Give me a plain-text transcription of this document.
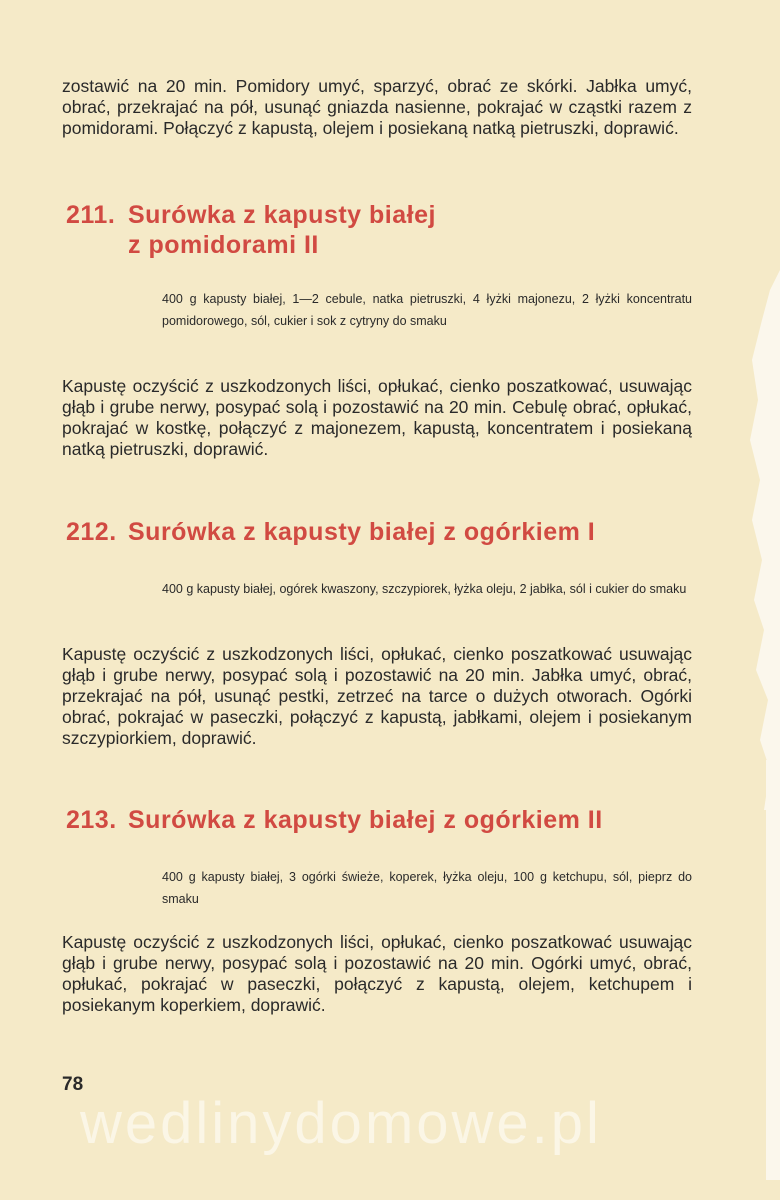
zostawić na 20 min. Pomidory umyć, sparzyć, obrać ze skórki. Jabłka umyć, obrać, przekrajać na pół, usunąć gniazda nasienne, pokrajać w cząstki razem z pomidorami. Połączyć z kapustą, olejem i posiekaną natką pietruszki, doprawić.
211. Surówka z kapusty białej
z pomidorami II
400 g kapusty białej, 1—2 cebule, natka pietruszki, 4 łyżki majonezu, 2 łyżki koncentratu pomidorowego, sól, cukier i sok z cytryny do smaku
Kapustę oczyścić z uszkodzonych liści, opłukać, cienko poszatkować, usuwając głąb i grube nerwy, posypać solą i pozostawić na 20 min. Cebulę obrać, opłukać, pokrajać w kostkę, połączyć z majonezem, kapustą, koncentratem i posiekaną natką pietruszki, doprawić.
212. Surówka z kapusty białej z ogórkiem I
400 g kapusty białej, ogórek kwaszony, szczypiorek, łyżka oleju, 2 jabłka, sól i cukier do smaku
Kapustę oczyścić z uszkodzonych liści, opłukać, cienko poszatkować usuwając głąb i grube nerwy, posypać solą i pozostawić na 20 min. Jabłka umyć, obrać, przekrajać na pół, usunąć pestki, zetrzeć na tarce o dużych otworach. Ogórki obrać, pokrajać w paseczki, połączyć z kapustą, jabłkami, olejem i posiekanym szczypiorkiem, doprawić.
213. Surówka z kapusty białej z ogórkiem II
400 g kapusty białej, 3 ogórki świeże, koperek, łyżka oleju, 100 g ketchupu, sól, pieprz do smaku
Kapustę oczyścić z uszkodzonych liści, opłukać, cienko poszatkować usuwając głąb i grube nerwy, posypać solą i pozostawić na 20 min. Ogórki umyć, obrać, opłukać, pokrajać w paseczki, połączyć z kapustą, olejem, ketchupem i posiekanym koperkiem, doprawić.
78
wedlinydomowe.pl
